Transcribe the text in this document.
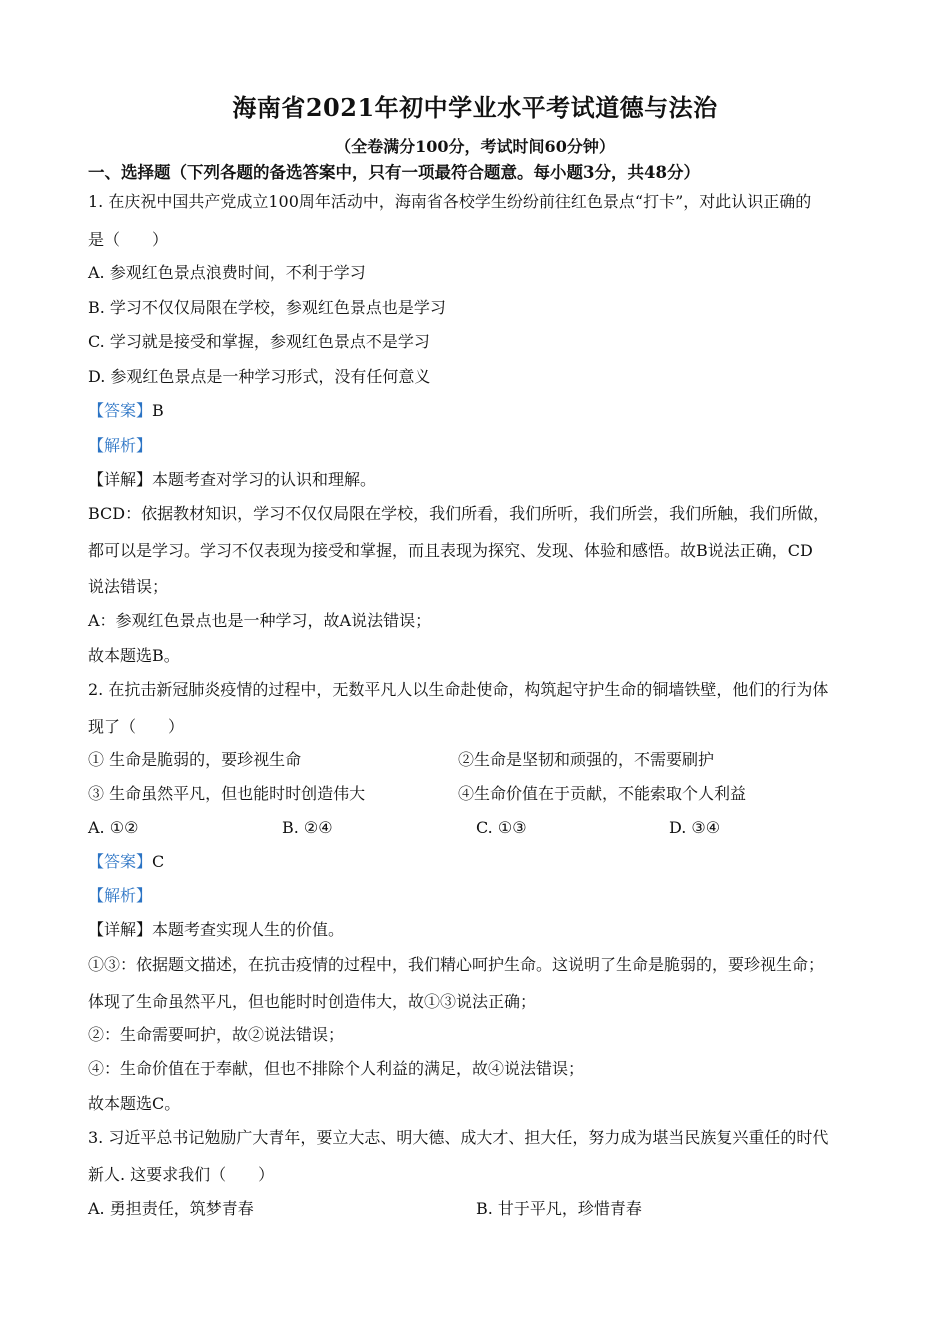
海南省2021年初中学业水平考试道德与法治
（全卷满分100分，考试时间60分钟）
一、选择题（下列各题的备选答案中，只有一项最符合题意。每小题3分，共48分）
1. 在庆祝中国共产党成立100周年活动中，海南省各校学生纷纷前往红色景点“打卡”，对此认识正确的
是（　　）
A. 参观红色景点浪费时间，不利于学习
B. 学习不仅仅局限在学校，参观红色景点也是学习
C. 学习就是接受和掌握，参观红色景点不是学习
D. 参观红色景点是一种学习形式，没有任何意义
【答案】B
【解析】
【详解】本题考查对学习的认识和理解。
BCD：依据教材知识，学习不仅仅局限在学校，我们所看，我们所听，我们所尝，我们所触，我们所做，
都可以是学习。学习不仅表现为接受和掌握，而且表现为探究、发现、体验和感悟。故B说法正确，CD
说法错误；
A：参观红色景点也是一种学习，故A说法错误；
故本题选B。
2. 在抗击新冠肺炎疫情的过程中，无数平凡人以生命赴使命，构筑起守护生命的铜墙铁壁，他们的行为体
现了（　　）
① 生命是脆弱的，要珍视生命	②生命是坚韧和顽强的，不需要刷护
③ 生命虽然平凡，但也能时时创造伟大	④生命价值在于贡献，不能索取个人利益
A. ①②	B. ②④	C. ①③	D. ③④
【答案】C
【解析】
【详解】本题考查实现人生的价值。
①③：依据题文描述，在抗击疫情的过程中，我们精心呵护生命。这说明了生命是脆弱的，要珍视生命；
体现了生命虽然平凡，但也能时时创造伟大，故①③说法正确；
②：生命需要呵护，故②说法错误；
④：生命价值在于奉献，但也不排除个人利益的满足，故④说法错误；
故本题选C。
3. 习近平总书记勉励广大青年，要立大志、明大德、成大才、担大任，努力成为堪当民族复兴重任的时代
新人. 这要求我们（　　）
A. 勇担责任，筑梦青春	B. 甘于平凡，珍惜青春
